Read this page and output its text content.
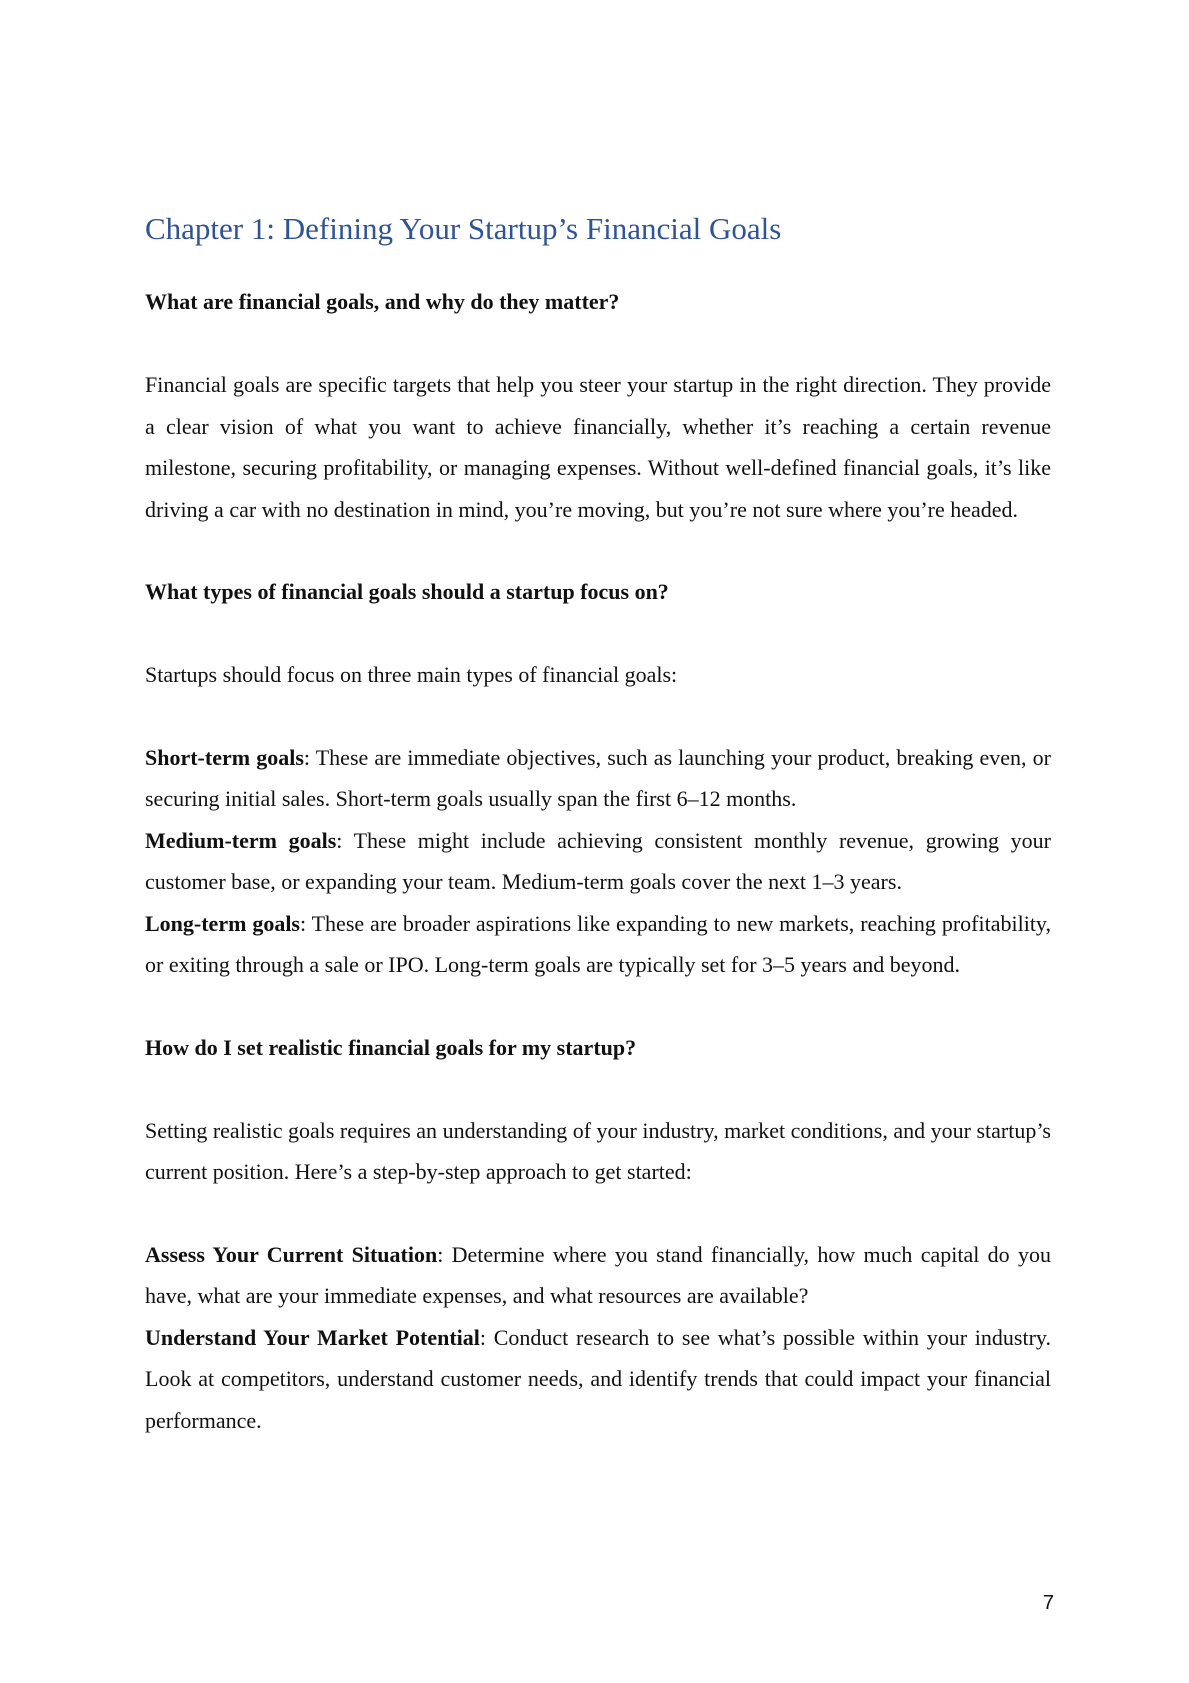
Chapter 1: Defining Your Startup’s Financial Goals

What are financial goals, and why do they matter?

Financial goals are specific targets that help you steer your startup in the right direction. They provide a clear vision of what you want to achieve financially, whether it’s reaching a certain revenue milestone, securing profitability, or managing expenses. Without well-defined financial goals, it’s like driving a car with no destination in mind, you’re moving, but you’re not sure where you’re headed.

What types of financial goals should a startup focus on?

Startups should focus on three main types of financial goals:

Short-term goals: These are immediate objectives, such as launching your product, breaking even, or securing initial sales. Short-term goals usually span the first 6–12 months.

Medium-term goals: These might include achieving consistent monthly revenue, growing your customer base, or expanding your team. Medium-term goals cover the next 1–3 years.

Long-term goals: These are broader aspirations like expanding to new markets, reaching profitability, or exiting through a sale or IPO. Long-term goals are typically set for 3–5 years and beyond.

How do I set realistic financial goals for my startup?

Setting realistic goals requires an understanding of your industry, market conditions, and your startup’s current position. Here’s a step-by-step approach to get started:

Assess Your Current Situation: Determine where you stand financially, how much capital do you have, what are your immediate expenses, and what resources are available?

Understand Your Market Potential: Conduct research to see what’s possible within your industry. Look at competitors, understand customer needs, and identify trends that could impact your financial performance.

7
